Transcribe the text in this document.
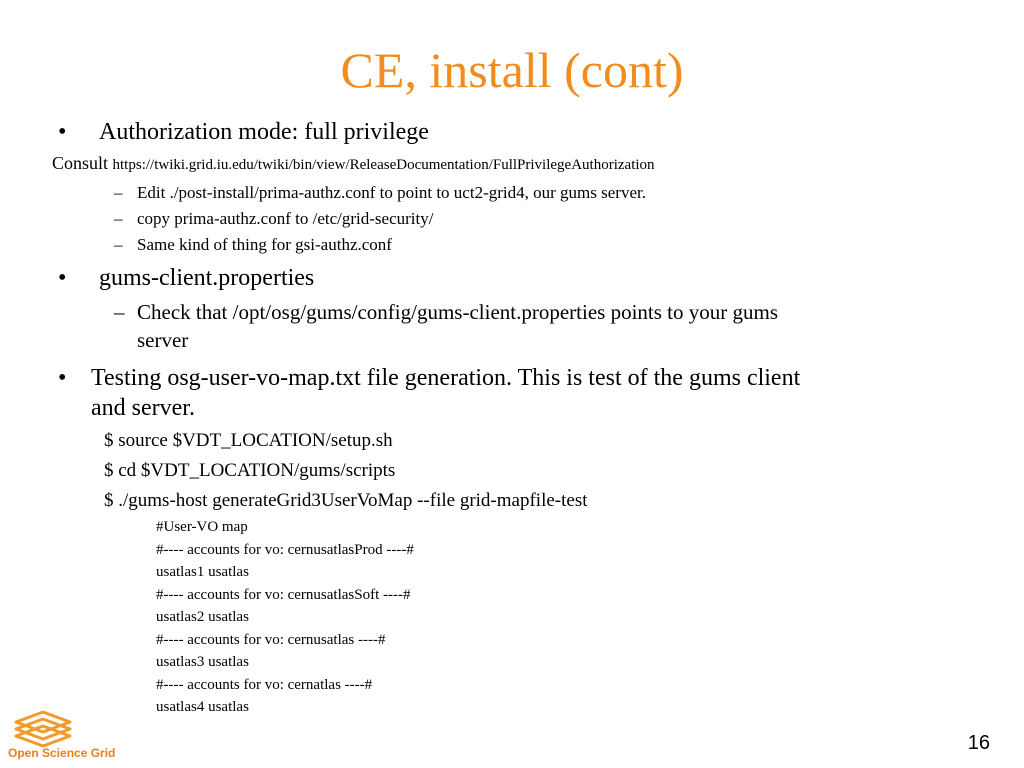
CE, install (cont)
• Authorization mode: full privilege
Consult https://twiki.grid.iu.edu/twiki/bin/view/ReleaseDocumentation/FullPrivilegeAuthorization
– Edit ./post-install/prima-authz.conf to point to uct2-grid4, our gums server.
– copy prima-authz.conf to /etc/grid-security/
– Same kind of thing for gsi-authz.conf
• gums-client.properties
– Check that /opt/osg/gums/config/gums-client.properties points to your gums
server
• Testing osg-user-vo-map.txt file generation. This is test of the gums client
and server.
$ source $VDT_LOCATION/setup.sh
$ cd $VDT_LOCATION/gums/scripts
$ ./gums-host generateGrid3UserVoMap --file grid-mapfile-test
#User-VO map
#---- accounts for vo: cernusatlasProd ----#
usatlas1 usatlas
#---- accounts for vo: cernusatlasSoft ----#
usatlas2 usatlas
#---- accounts for vo: cernusatlas ----#
usatlas3 usatlas
#---- accounts for vo: cernatlas ----#
usatlas4 usatlas
Open Science Grid	16
